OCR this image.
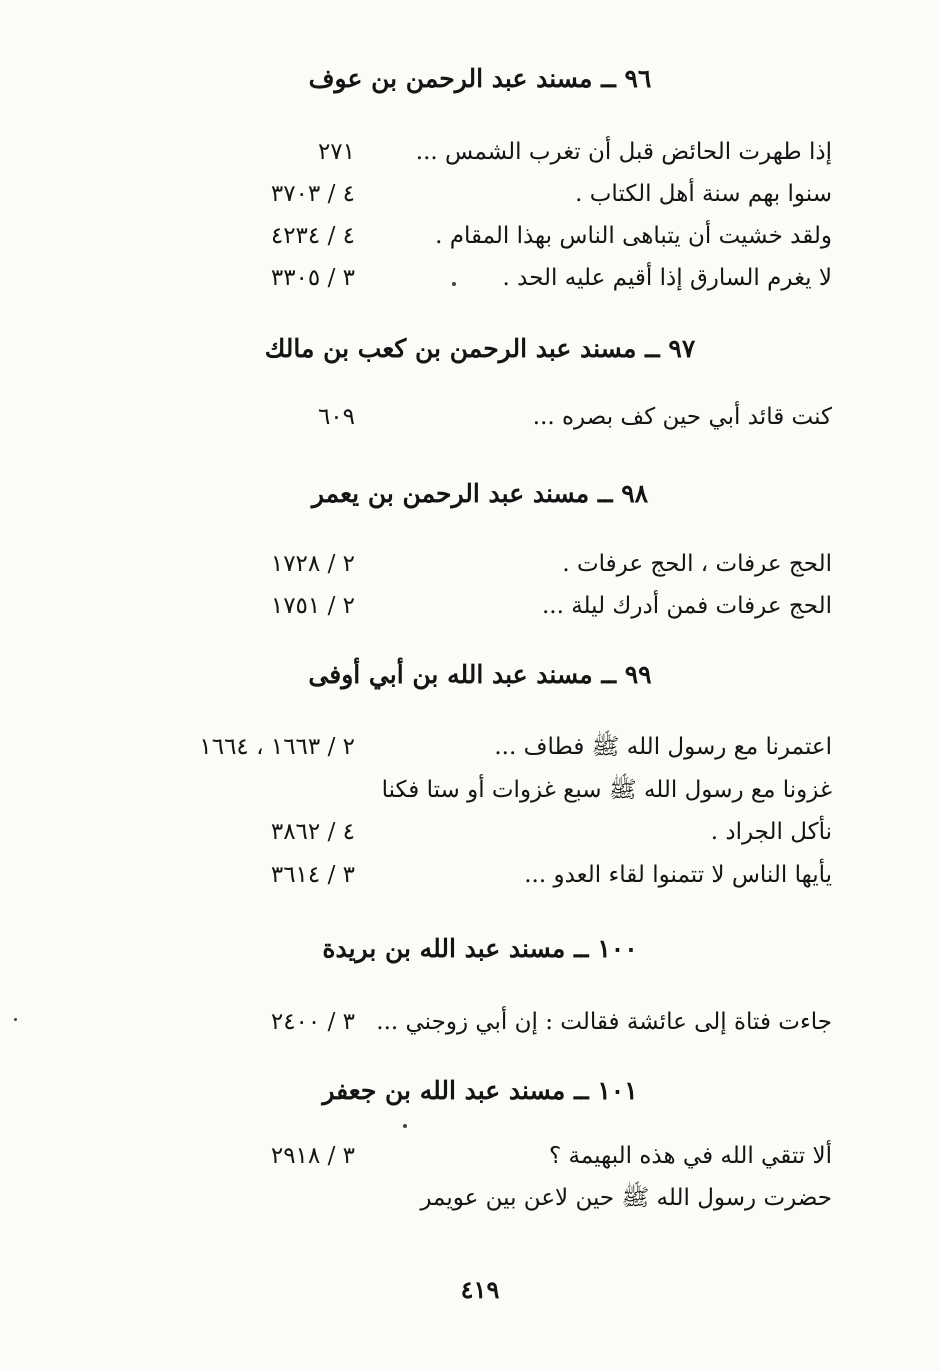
٩٦ ــ مسند عبد الرحمن بن عوف
إذا طهرت الحائض قبل أن تغرب الشمس ...
٢٧١
سنوا بهم سنة أهل الكتاب .
٤ / ٣٧٠٣
ولقد خشيت أن يتباهى الناس بهذا المقام .
٤ / ٤٢٣٤
لا يغرم السارق إذا أقيم عليه الحد .
٣ / ٣٣٠٥
٩٧ ــ مسند عبد الرحمن بن كعب بن مالك
كنت قائد أبي حين كف بصره ...
٦٠٩
٩٨ ــ مسند عبد الرحمن بن يعمر
الحج عرفات ، الحج عرفات .
٢ / ١٧٢٨
الحج عرفات فمن أدرك ليلة ...
٢ / ١٧٥١
٩٩ ــ مسند عبد الله بن أبي أوفى
اعتمرنا مع رسول الله ﷺ فطاف ...
٢ / ١٦٦٣ ، ١٦٦٤
غزونا مع رسول الله ﷺ سبع غزوات أو ستا فكنا
نأكل الجراد .
٤ / ٣٨٦٢
يأيها الناس لا تتمنوا لقاء العدو ...
٣ / ٣٦١٤
١٠٠ ــ مسند عبد الله بن بريدة
جاءت فتاة إلى عائشة فقالت : إن أبي زوجني ...
٣ / ٢٤٠٠
١٠١ ــ مسند عبد الله بن جعفر
ألا تتقي الله في هذه البهيمة ؟
٣ / ٢٩١٨
حضرت رسول الله ﷺ حين لاعن بين عويمر
٤١٩
